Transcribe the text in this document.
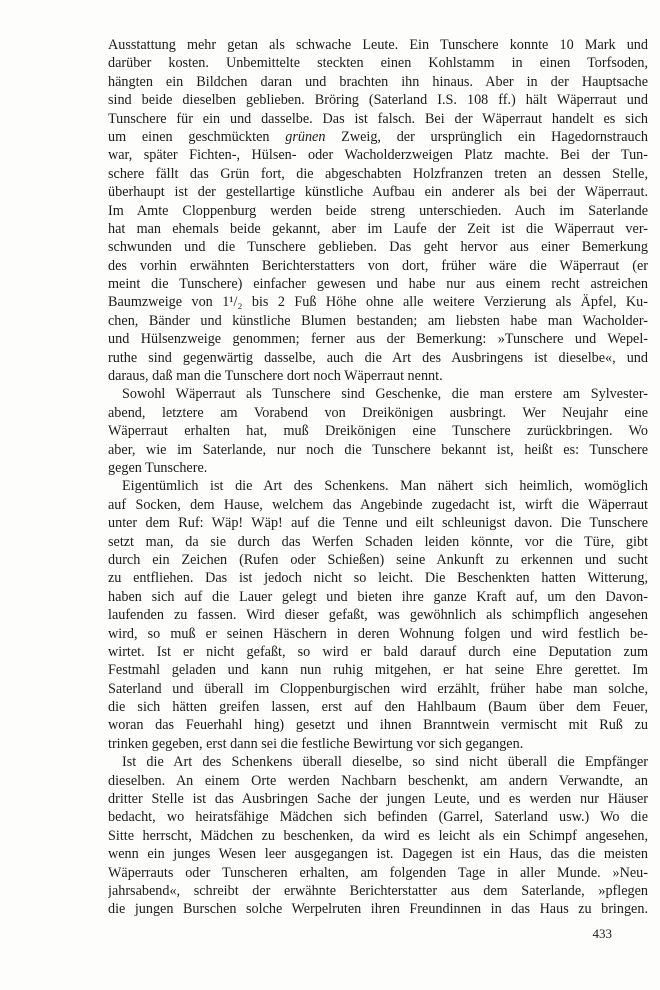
Ausstattung mehr getan als schwache Leute. Ein Tunschere konnte 10 Mark und
darüber kosten. Unbemittelte steckten einen Kohlstamm in einen Torfsoden,
hängten ein Bildchen daran und brachten ihn hinaus. Aber in der Hauptsache
sind beide dieselben geblieben. Bröring (Saterland I.S. 108 ff.) hält Wäperraut und
Tunschere für ein und dasselbe. Das ist falsch. Bei der Wäperraut handelt es sich
um einen geschmückten grünen Zweig, der ursprünglich ein Hagedornstrauch
war, später Fichten-, Hülsen- oder Wacholderzweigen Platz machte. Bei der Tun-
schere fällt das Grün fort, die abgeschabten Holzfranzen treten an dessen Stelle,
überhaupt ist der gestellartige künstliche Aufbau ein anderer als bei der Wäperraut.
Im Amte Cloppenburg werden beide streng unterschieden. Auch im Saterlande
hat man ehemals beide gekannt, aber im Laufe der Zeit ist die Wäperraut ver-
schwunden und die Tunschere geblieben. Das geht hervor aus einer Bemerkung
des vorhin erwähnten Berichterstatters von dort, früher wäre die Wäperraut (er
meint die Tunschere) einfacher gewesen und habe nur aus einem recht astreichen
Baumzweige von 1¹/₂ bis 2 Fuß Höhe ohne alle weitere Verzierung als Äpfel, Ku-
chen, Bänder und künstliche Blumen bestanden; am liebsten habe man Wacholder-
und Hülsenzweige genommen; ferner aus der Bemerkung: »Tunschere und Wepel-
ruthe sind gegenwärtig dasselbe, auch die Art des Ausbringens ist dieselbe«, und
daraus, daß man die Tunschere dort noch Wäperraut nennt.
Sowohl Wäperraut als Tunschere sind Geschenke, die man erstere am Sylvester-
abend, letztere am Vorabend von Dreikönigen ausbringt. Wer Neujahr eine
Wäperraut erhalten hat, muß Dreikönigen eine Tunschere zurückbringen. Wo
aber, wie im Saterlande, nur noch die Tunschere bekannt ist, heißt es: Tunschere
gegen Tunschere.
Eigentümlich ist die Art des Schenkens. Man nähert sich heimlich, womöglich
auf Socken, dem Hause, welchem das Angebinde zugedacht ist, wirft die Wäperraut
unter dem Ruf: Wäp! Wäp! auf die Tenne und eilt schleunigst davon. Die Tunschere
setzt man, da sie durch das Werfen Schaden leiden könnte, vor die Türe, gibt
durch ein Zeichen (Rufen oder Schießen) seine Ankunft zu erkennen und sucht
zu entfliehen. Das ist jedoch nicht so leicht. Die Beschenkten hatten Witterung,
haben sich auf die Lauer gelegt und bieten ihre ganze Kraft auf, um den Davon-
laufenden zu fassen. Wird dieser gefaßt, was gewöhnlich als schimpflich angesehen
wird, so muß er seinen Häschern in deren Wohnung folgen und wird festlich be-
wirtet. Ist er nicht gefaßt, so wird er bald darauf durch eine Deputation zum
Festmahl geladen und kann nun ruhig mitgehen, er hat seine Ehre gerettet. Im
Saterland und überall im Cloppenburgischen wird erzählt, früher habe man solche,
die sich hätten greifen lassen, erst auf den Hahlbaum (Baum über dem Feuer,
woran das Feuerhahl hing) gesetzt und ihnen Branntwein vermischt mit Ruß zu
trinken gegeben, erst dann sei die festliche Bewirtung vor sich gegangen.
Ist die Art des Schenkens überall dieselbe, so sind nicht überall die Empfänger
dieselben. An einem Orte werden Nachbarn beschenkt, am andern Verwandte, an
dritter Stelle ist das Ausbringen Sache der jungen Leute, und es werden nur Häuser
bedacht, wo heiratsfähige Mädchen sich befinden (Garrel, Saterland usw.) Wo die
Sitte herrscht, Mädchen zu beschenken, da wird es leicht als ein Schimpf angesehen,
wenn ein junges Wesen leer ausgegangen ist. Dagegen ist ein Haus, das die meisten
Wäperrauts oder Tunscheren erhalten, am folgenden Tage in aller Munde. »Neu-
jahrsabend«, schreibt der erwähnte Berichterstatter aus dem Saterlande, »pflegen
die jungen Burschen solche Werpelruten ihren Freundinnen in das Haus zu bringen.
433
